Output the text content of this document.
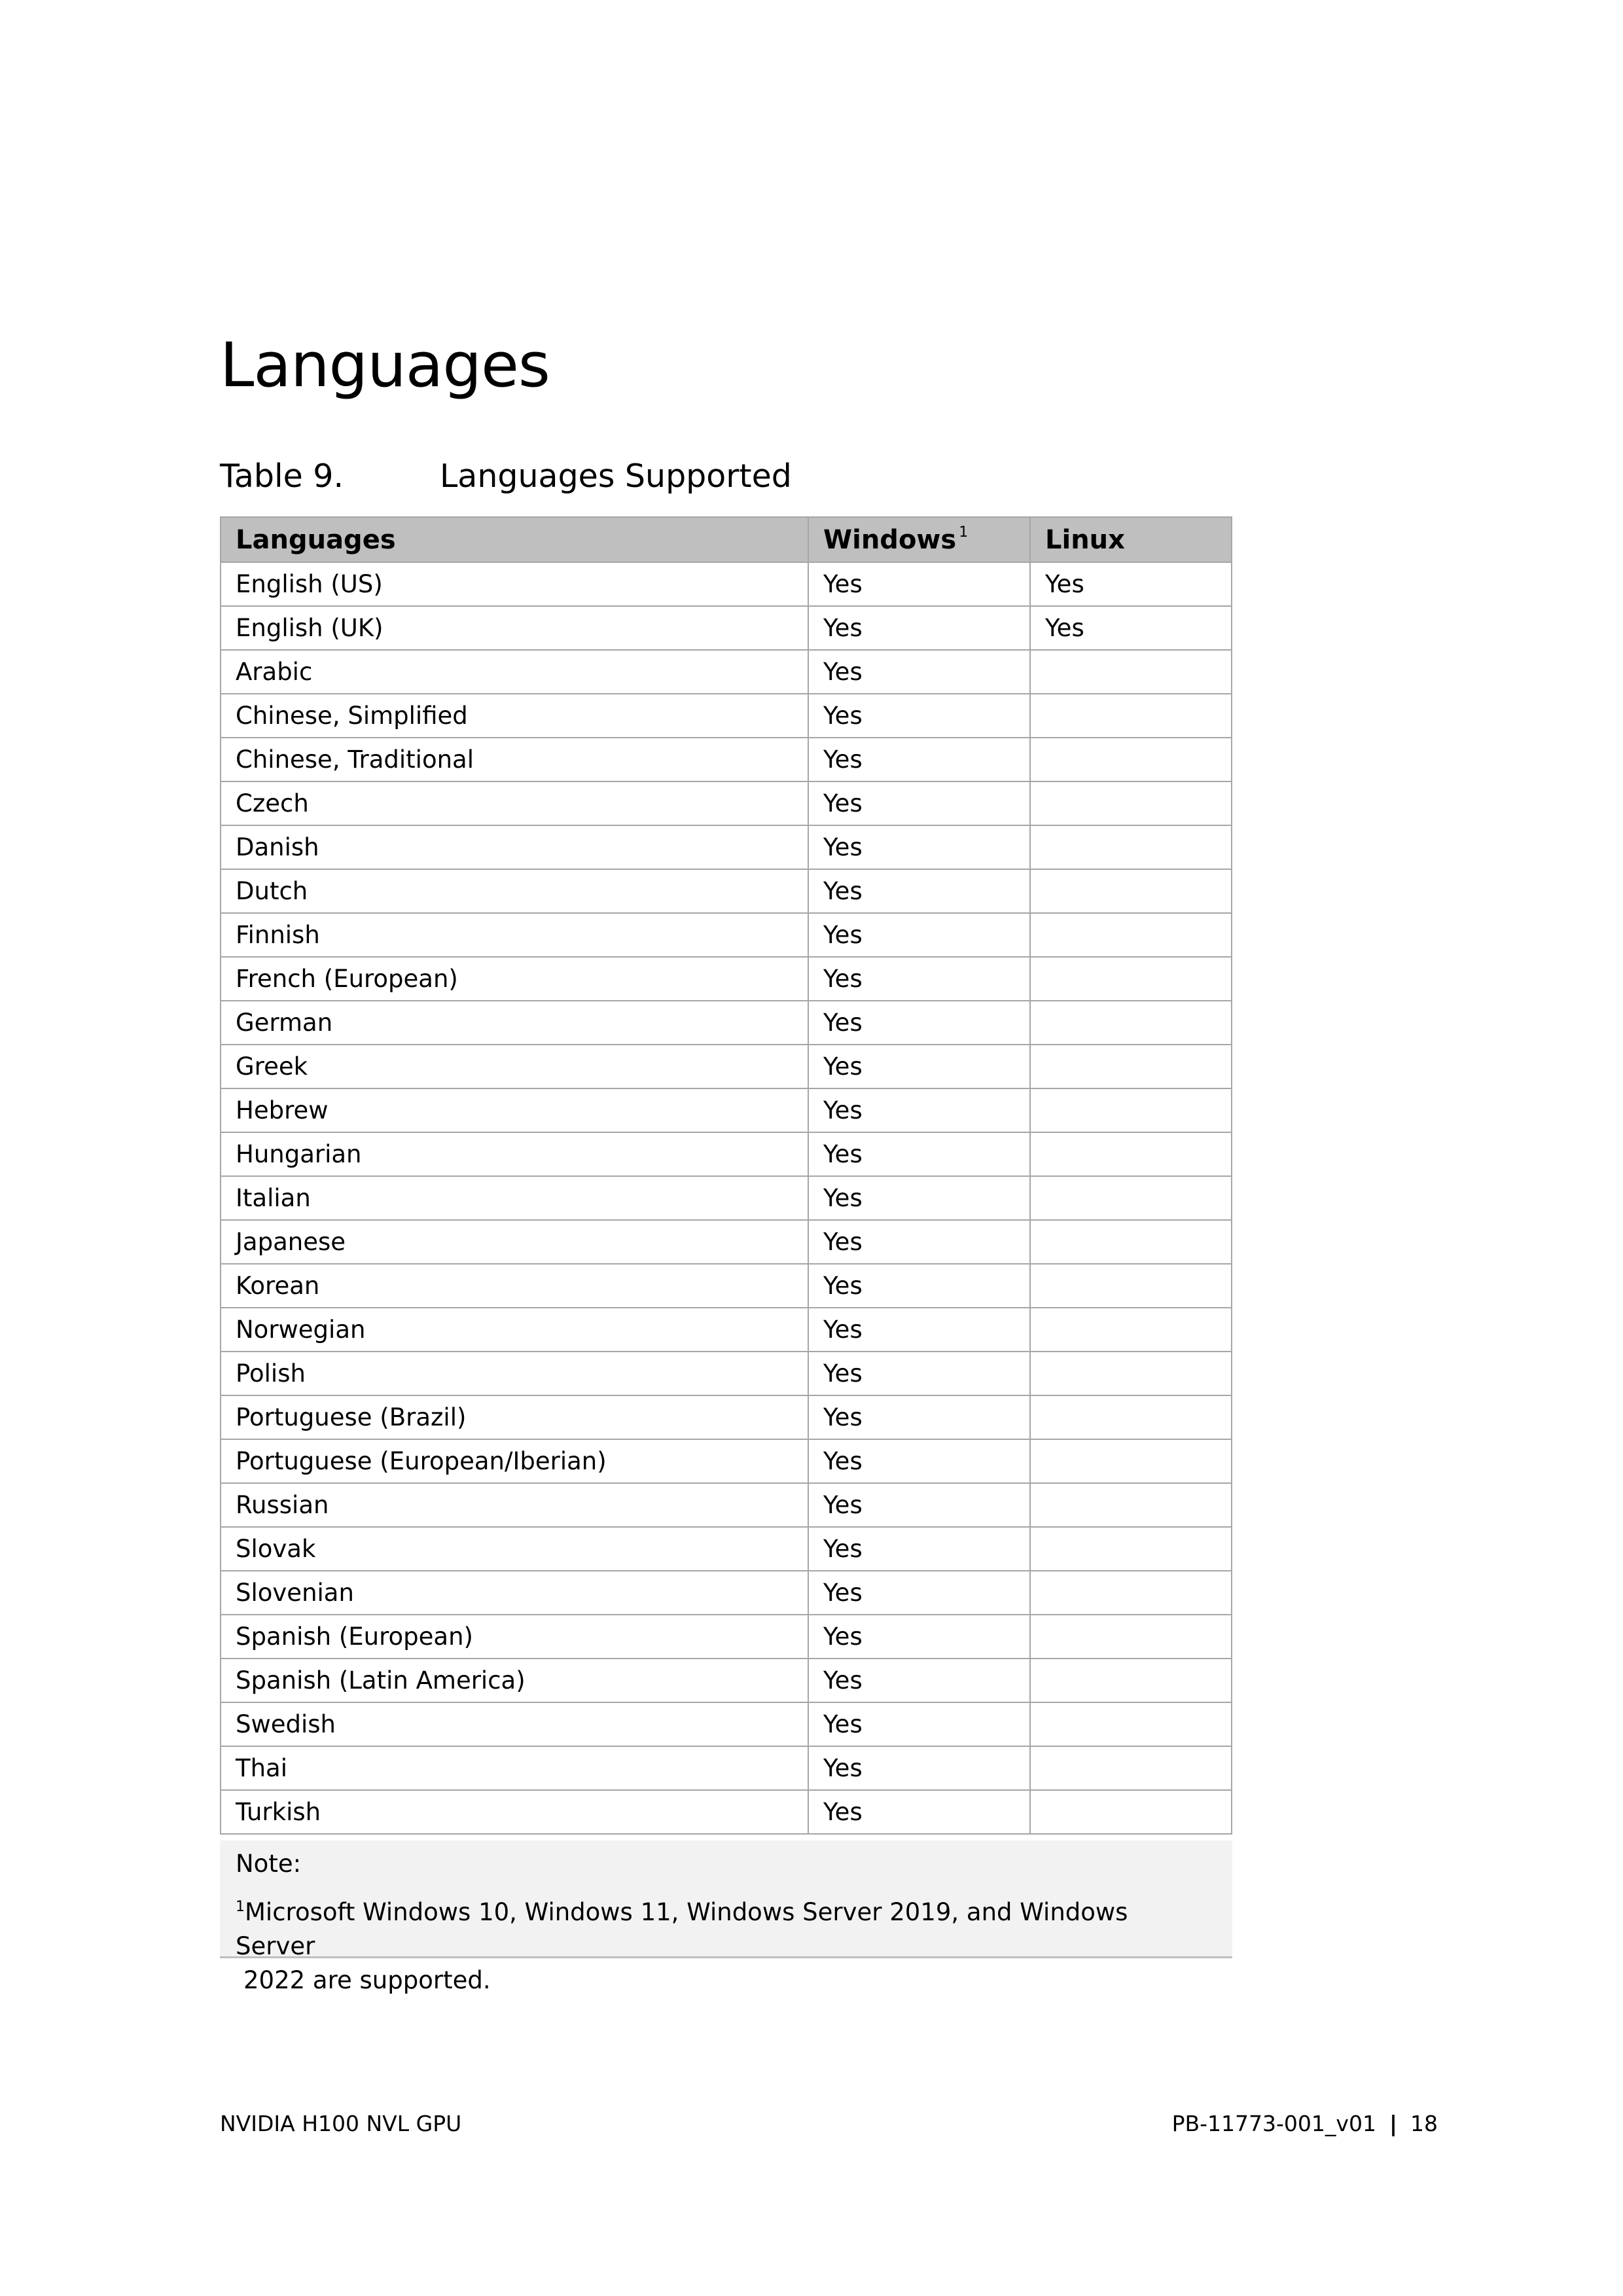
Languages
Table 9.	Languages Supported
Languages	Windows $^1$	Linux
English (US)	Yes	Yes
English (UK)	Yes	Yes
Arabic	Yes	
Chinese, Simplified	Yes	
Chinese, Traditional	Yes	
Czech	Yes	
Danish	Yes	
Dutch	Yes	
Finnish	Yes	
French (European)	Yes	
German	Yes	
Greek	Yes	
Hebrew	Yes	
Hungarian	Yes	
Italian	Yes	
Japanese	Yes	
Korean	Yes	
Norwegian	Yes	
Polish	Yes	
Portuguese (Brazil)	Yes	
Portuguese (European/Iberian)	Yes	
Russian	Yes	
Slovak	Yes	
Slovenian	Yes	
Spanish (European)	Yes	
Spanish (Latin America)	Yes	
Swedish	Yes	
Thai	Yes	
Turkish	Yes	
Note:
$^1$Microsoft Windows 10, Windows 11, Windows Server 2019, and Windows Server
2022 are supported.
NVIDIA H100 NVL GPU	PB-11773-001_v01 | 18
